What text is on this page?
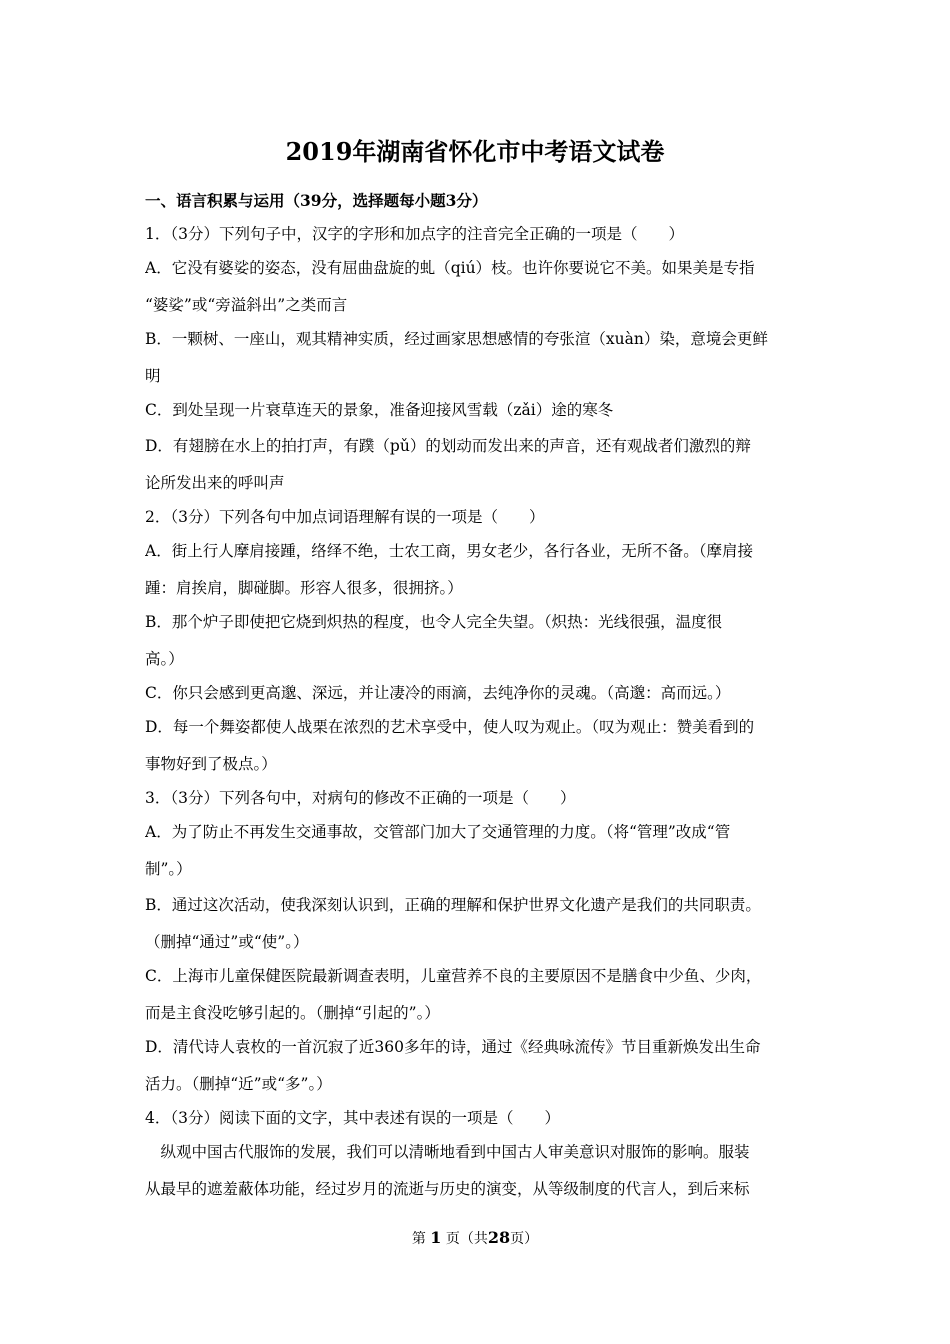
2019年湖南省怀化市中考语文试卷
一、语言积累与运用（39分，选择题每小题3分）
1．（3分）下列句子中，汉字的字形和加点字的注音完全正确的一项是（　　）
A．它没有婆娑的姿态，没有屈曲盘旋的虬（qiú）枝。也许你要说它不美。如果美是专指
“婆娑”或“旁溢斜出”之类而言
B．一颗树、一座山，观其精神实质，经过画家思想感情的夸张渲（xuàn）染，意境会更鲜
明
C．到处呈现一片衰草连天的景象，准备迎接风雪载（zǎi）途的寒冬
D．有翅膀在水上的拍打声，有蹼（pǔ）的划动而发出来的声音，还有观战者们激烈的辩
论所发出来的呼叫声
2．（3分）下列各句中加点词语理解有误的一项是（　　）
A．街上行人摩肩接踵，络绎不绝，士农工商，男女老少，各行各业，无所不备。（摩肩接
踵：肩挨肩，脚碰脚。形容人很多，很拥挤。）
B．那个炉子即使把它烧到炽热的程度，也令人完全失望。（炽热：光线很强，温度很
高。）
C．你只会感到更高邈、深远，并让凄冷的雨滴，去纯净你的灵魂。（高邈：高而远。）
D．每一个舞姿都使人战栗在浓烈的艺术享受中，使人叹为观止。（叹为观止：赞美看到的
事物好到了极点。）
3．（3分）下列各句中，对病句的修改不正确的一项是（　　）
A．为了防止不再发生交通事故，交管部门加大了交通管理的力度。（将“管理”改成“管
制”。）
B．通过这次活动，使我深刻认识到，正确的理解和保护世界文化遗产是我们的共同职责。
（删掉“通过”或“使”。）
C．上海市儿童保健医院最新调查表明，儿童营养不良的主要原因不是膳食中少鱼、少肉，
而是主食没吃够引起的。（删掉“引起的”。）
D．清代诗人袁枚的一首沉寂了近360多年的诗，通过《经典咏流传》节目重新焕发出生命
活力。（删掉“近”或“多”。）
4．（3分）阅读下面的文字，其中表述有误的一项是（　　）
　纵观中国古代服饰的发展，我们可以清晰地看到中国古人审美意识对服饰的影响。服装
从最早的遮羞蔽体功能，经过岁月的流逝与历史的演变，从等级制度的代言人，到后来标
第 1 页（共28页）
